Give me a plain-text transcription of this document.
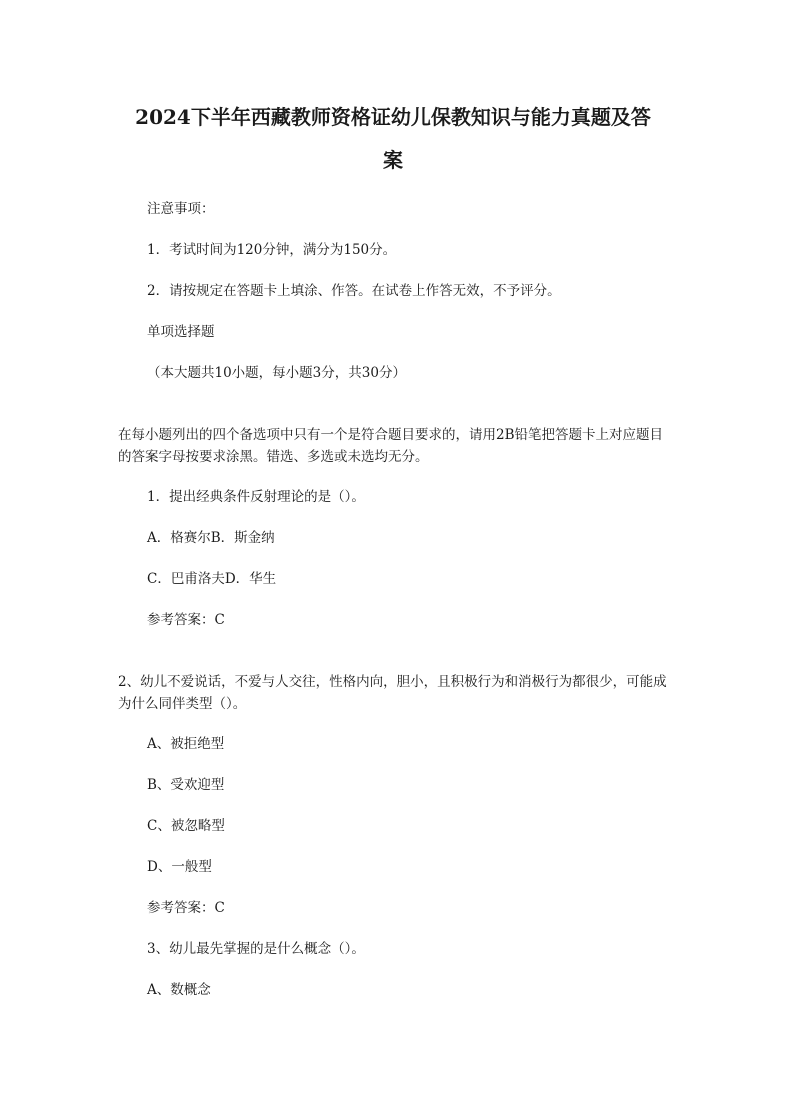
2024下半年西藏教师资格证幼儿保教知识与能力真题及答
案
注意事项：
1．考试时间为120分钟，满分为150分。
2．请按规定在答题卡上填涂、作答。在试卷上作答无效，不予评分。
单项选择题
（本大题共10小题，每小题3分，共30分）
在每小题列出的四个备选项中只有一个是符合题目要求的，请用2B铅笔把答题卡上对应题目的答案字母按要求涂黑。错选、多选或未选均无分。
1．提出经典条件反射理论的是（）。
A．格赛尔B．斯金纳
C．巴甫洛夫D．华生
参考答案：C
2、幼儿不爱说话，不爱与人交往，性格内向，胆小，且积极行为和消极行为都很少，可能成为什么同伴类型（）。
A、被拒绝型
B、受欢迎型
C、被忽略型
D、一般型
参考答案：C
3、幼儿最先掌握的是什么概念（）。
A、数概念
